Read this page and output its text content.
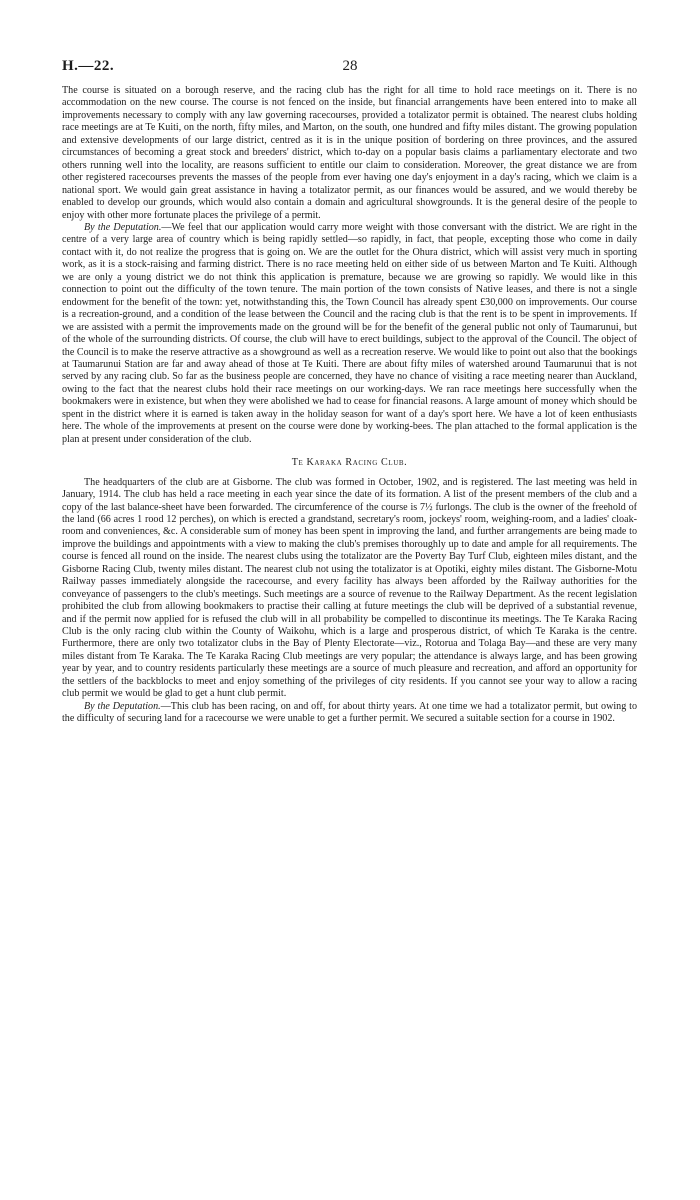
H.—22.	28

The course is situated on a borough reserve, and the racing club has the right for all time to hold race meetings on it. There is no accommodation on the new course. The course is not fenced on the inside, but financial arrangements have been entered into to make all improvements necessary to comply with any law governing racecourses, provided a totalizator permit is obtained. The nearest clubs holding race meetings are at Te Kuiti, on the north, fifty miles, and Marton, on the south, one hundred and fifty miles distant. The growing population and extensive developments of our large district, centred as it is in the unique position of bordering on three provinces, and the assured circumstances of becoming a great stock and breeders' district, which to-day on a popular basis claims a parliamentary electorate and two others running well into the locality, are reasons sufficient to entitle our claim to consideration. Moreover, the great distance we are from other registered racecourses prevents the masses of the people from ever having one day's enjoyment in a day's racing, which we claim is a national sport. We would gain great assistance in having a totalizator permit, as our finances would be assured, and we would thereby be enabled to develop our grounds, which would also contain a domain and agricultural showgrounds. It is the general desire of the people to enjoy with other more fortunate places the privilege of a permit.

By the Deputation.—We feel that our application would carry more weight with those conversant with the district. We are right in the centre of a very large area of country which is being rapidly settled—so rapidly, in fact, that people, excepting those who come in daily contact with it, do not realize the progress that is going on. We are the outlet for the Ohura district, which will assist very much in sporting work, as it is a stock-raising and farming district. There is no race meeting held on either side of us between Marton and Te Kuiti. Although we are only a young district we do not think this application is premature, because we are growing so rapidly. We would like in this connection to point out the difficulty of the town tenure. The main portion of the town consists of Native leases, and there is not a single endowment for the benefit of the town: yet, notwithstanding this, the Town Council has already spent £30,000 on improvements. Our course is a recreation-ground, and a condition of the lease between the Council and the racing club is that the rent is to be spent in improvements. If we are assisted with a permit the improvements made on the ground will be for the benefit of the general public not only of Taumarunui, but of the whole of the surrounding districts. Of course, the club will have to erect buildings, subject to the approval of the Council. The object of the Council is to make the reserve attractive as a showground as well as a recreation reserve. We would like to point out also that the bookings at Taumarunui Station are far and away ahead of those at Te Kuiti. There are about fifty miles of watershed around Taumarunui that is not served by any racing club. So far as the business people are concerned, they have no chance of visiting a race meeting nearer than Auckland, owing to the fact that the nearest clubs hold their race meetings on our working-days. We ran race meetings here successfully when the bookmakers were in existence, but when they were abolished we had to cease for financial reasons. A large amount of money which should be spent in the district where it is earned is taken away in the holiday season for want of a day's sport here. We have a lot of keen enthusiasts here. The whole of the improvements at present on the course were done by working-bees. The plan attached to the formal application is the plan at present under consideration of the club.

Te Karaka Racing Club.

The headquarters of the club are at Gisborne. The club was formed in October, 1902, and is registered. The last meeting was held in January, 1914. The club has held a race meeting in each year since the date of its formation. A list of the present members of the club and a copy of the last balance-sheet have been forwarded. The circumference of the course is 7½ furlongs. The club is the owner of the freehold of the land (66 acres 1 rood 12 perches), on which is erected a grandstand, secretary's room, jockeys' room, weighing-room, and a ladies' cloak-room and conveniences, &c. A considerable sum of money has been spent in improving the land, and further arrangements are being made to improve the buildings and appointments with a view to making the club's premises thoroughly up to date and ample for all requirements. The course is fenced all round on the inside. The nearest clubs using the totalizator are the Poverty Bay Turf Club, eighteen miles distant, and the Gisborne Racing Club, twenty miles distant. The nearest club not using the totalizator is at Opotiki, eighty miles distant. The Gisborne-Motu Railway passes immediately alongside the racecourse, and every facility has always been afforded by the Railway authorities for the conveyance of passengers to the club's meetings. Such meetings are a source of revenue to the Railway Department. As the recent legislation prohibited the club from allowing bookmakers to practise their calling at future meetings the club will be deprived of a substantial revenue, and if the permit now applied for is refused the club will in all probability be compelled to discontinue its meetings. The Te Karaka Racing Club is the only racing club within the County of Waikohu, which is a large and prosperous district, of which Te Karaka is the centre. Furthermore, there are only two totalizator clubs in the Bay of Plenty Electorate—viz., Rotorua and Tolaga Bay—and these are very many miles distant from Te Karaka. The Te Karaka Racing Club meetings are very popular; the attendance is always large, and has been growing year by year, and to country residents particularly these meetings are a source of much pleasure and recreation, and afford an opportunity for the settlers of the backblocks to meet and enjoy something of the privileges of city residents. If you cannot see your way to allow a racing club permit we would be glad to get a hunt club permit.

By the Deputation.—This club has been racing, on and off, for about thirty years. At one time we had a totalizator permit, but owing to the difficulty of securing land for a racecourse we were unable to get a further permit. We secured a suitable section for a course in 1902.
